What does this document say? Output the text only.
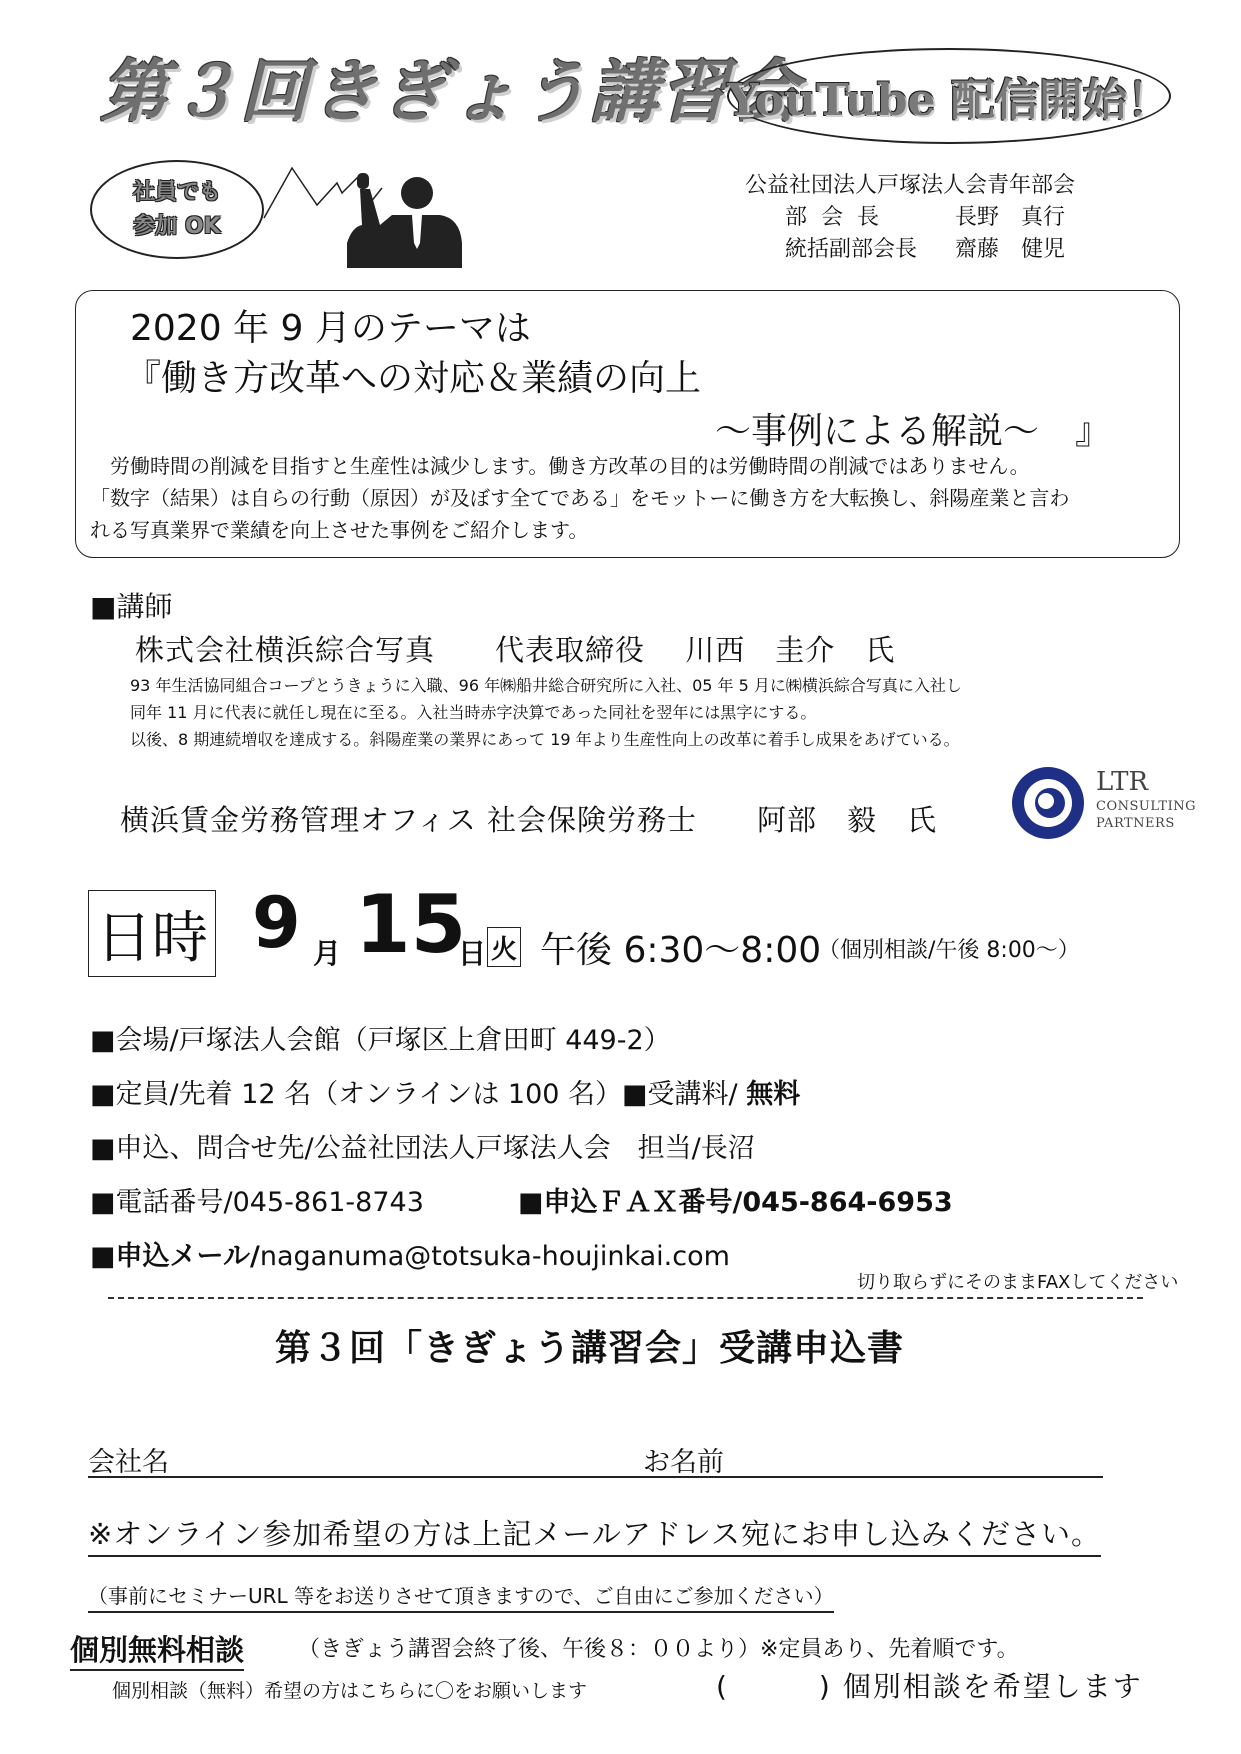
第３回きぎょう講習会
YouTube 配信開始！
社員でも
参加 OK
公益社団法人戸塚法人会青年部会
部会長	長野　真行
統括副部会長	齋藤　健児
2020 年 9 月のテーマは
『働き方改革への対応＆業績の向上
～事例による解説～　』
　労働時間の削減を目指すと生産性は減少します。働き方改革の目的は労働時間の削減ではありません。
「数字（結果）は自らの行動（原因）が及ぼす全てである」をモットーに働き方を大転換し、斜陽産業と言わ
れる写真業界で業績を向上させた事例をご紹介します。
■講師
株式会社横浜綜合写真　　代表取締役　 川西　圭介　氏
93 年生活協同組合コープとうきょうに入職、96 年㈱船井総合研究所に入社、05 年 5 月に㈱横浜綜合写真に入社し
同年 11 月に代表に就任し現在に至る。入社当時赤字決算であった同社を翌年には黒字にする。
以後、8 期連続増収を達成する。斜陽産業の業界にあって 19 年より生産性向上の改革に着手し成果をあげている。
横浜賃金労務管理オフィス 社会保険労務士　　阿部　毅　氏
LTR
CONSULTING
PARTNERS
日時 9 月 15
日 火 午後 6:30～8:00
（個別相談/午後 8:00～）
■会場/戸塚法人会館（戸塚区上倉田町 449-2）
■定員/先着 12 名（オンラインは 100 名）■受講料/ 無料
■申込、問合せ先/公益社団法人戸塚法人会　担当/長沼
■電話番号/045-861-8743	■申込ＦＡＸ番号/045-864-6953
■申込メール/naganuma@totsuka-houjinkai.com
切り取らずにそのままFAXしてください
第３回「きぎょう講習会」受講申込書
会社名	お名前
※オンライン参加希望の方は上記メールアドレス宛にお申し込みください。
（事前にセミナーURL 等をお送りさせて頂きますので、ご自由にご参加ください）
個別無料相談 （きぎょう講習会終了後、午後８：００より）※定員あり、先着順です。
個別相談（無料）希望の方はこちらに〇をお願いします	(　　　) 個別相談を希望します
